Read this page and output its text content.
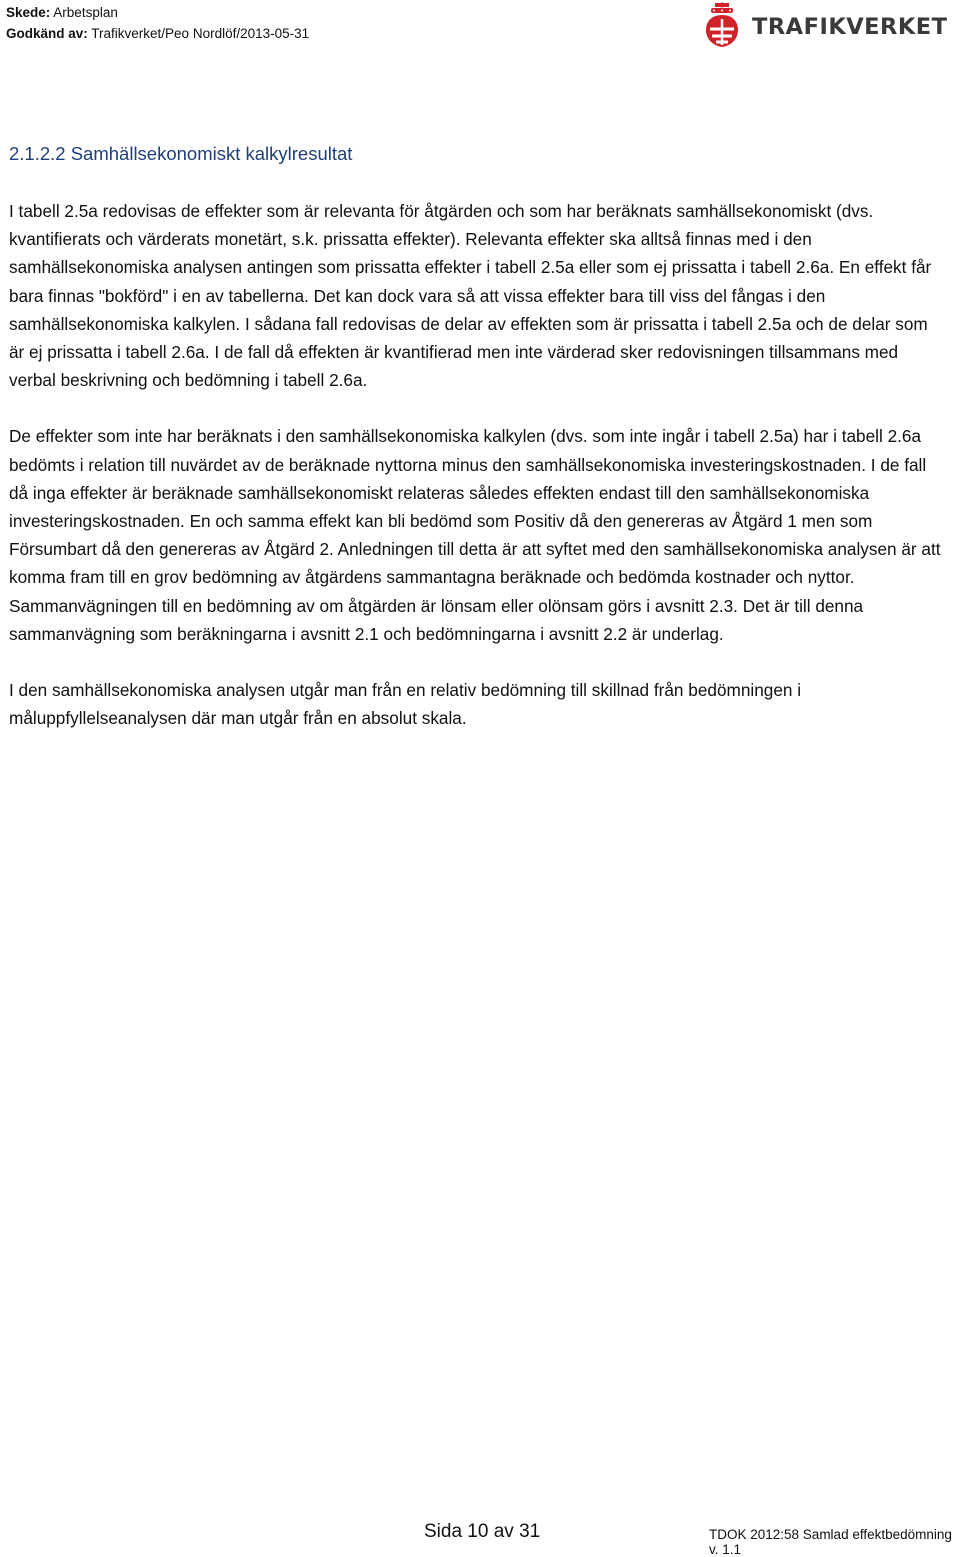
Skede: Arbetsplan
Godkänd av: Trafikverket/Peo Nordlöf/2013-05-31	TRAFIKVERKET
2.1.2.2 Samhällsekonomiskt kalkylresultat

I tabell 2.5a redovisas de effekter som är relevanta för åtgärden och som har beräknats samhällsekonomiskt (dvs. kvantifierats och värderats monetärt, s.k. prissatta effekter). Relevanta effekter ska alltså finnas med i den samhällsekonomiska analysen antingen som prissatta effekter i tabell 2.5a eller som ej prissatta i tabell 2.6a. En effekt får bara finnas "bokförd" i en av tabellerna. Det kan dock vara så att vissa effekter bara till viss del fångas i den samhällsekonomiska kalkylen. I sådana fall redovisas de delar av effekten som är prissatta i tabell 2.5a och de delar som är ej prissatta i tabell 2.6a. I de fall då effekten är kvantifierad men inte värderad sker redovisningen tillsammans med verbal beskrivning och bedömning i tabell 2.6a.

De effekter som inte har beräknats i den samhällsekonomiska kalkylen (dvs. som inte ingår i tabell 2.5a) har i tabell 2.6a bedömts i relation till nuvärdet av de beräknade nyttorna minus den samhällsekonomiska investeringskostnaden. I de fall då inga effekter är beräknade samhällsekonomiskt relateras således effekten endast till den samhällsekonomiska investeringskostnaden. En och samma effekt kan bli bedömd som Positiv då den genereras av Åtgärd 1 men som Försumbart då den genereras av Åtgärd 2. Anledningen till detta är att syftet med den samhällsekonomiska analysen är att komma fram till en grov bedömning av åtgärdens sammantagna beräknade och bedömda kostnader och nyttor. Sammanvägningen till en bedömning av om åtgärden är lönsam eller olönsam görs i avsnitt 2.3. Det är till denna sammanvägning som beräkningarna i avsnitt 2.1 och bedömningarna i avsnitt 2.2 är underlag.

I den samhällsekonomiska analysen utgår man från en relativ bedömning till skillnad från bedömningen i måluppfyllelseanalysen där man utgår från en absolut skala.

Sida 10 av 31	TDOK 2012:58 Samlad effektbedömning v. 1.1
